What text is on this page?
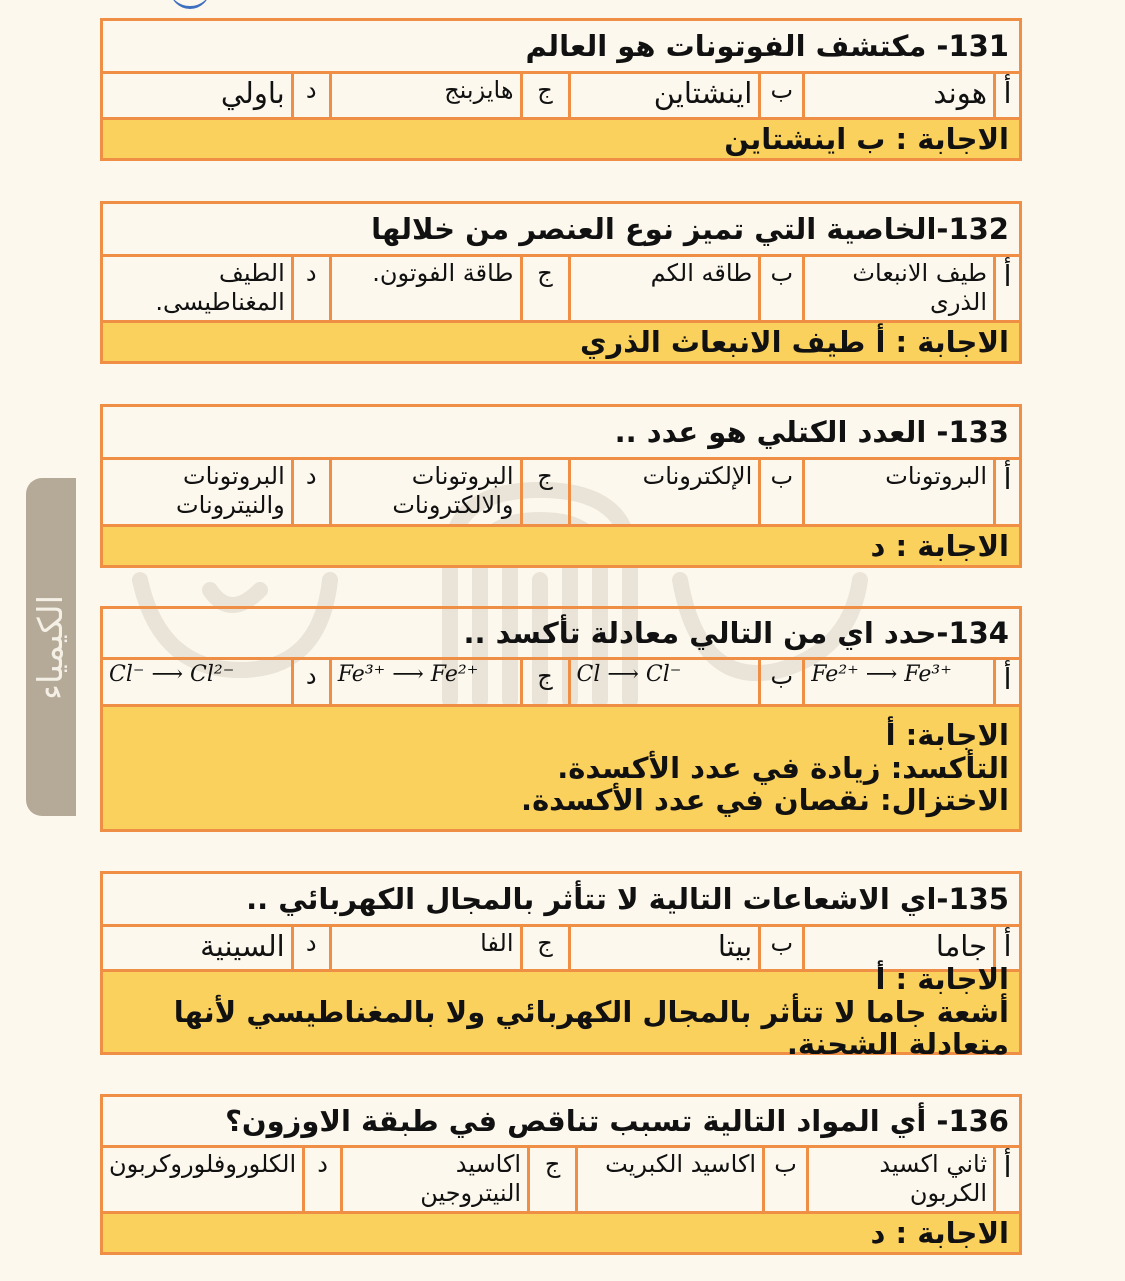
الكيمياء
131- مكتشف الفوتونات هو العالم
أ
هوند
ب
اينشتاين
ج
هايزبنج
د
باولي
الاجابة : ب اينشتاين
132-الخاصية التي تميز نوع العنصر من خلالها
أ
طيف الانبعاث الذرى
ب
طاقه الكم
ج
طاقة الفوتون.
د
الطيف المغناطيسى.
الاجابة : أ طيف الانبعاث الذري
133- العدد الكتلي هو عدد ..
أ
البروتونات
ب
الإلكترونات
ج
البروتونات والالكترونات
د
البروتونات والنيترونات
الاجابة : د
134-حدد اي من التالي معادلة تأكسد ..
أ
Fe²⁺ ⟶ Fe³⁺
ب
Cl ⟶ Cl⁻
ج
Fe³⁺ ⟶ Fe²⁺
د
Cl⁻ ⟶ Cl²⁻
الاجابة: أ
التأكسد: زيادة في عدد الأكسدة.
الاختزال: نقصان في عدد الأكسدة.
135-اي الاشعاعات التالية لا تتأثر بالمجال الكهربائي ..
أ
جاما
ب
بيتا
ج
الفا
د
السينية
الاجابة : أ
أشعة جاما لا تتأثر بالمجال الكهربائي ولا بالمغناطيسي لأنها متعادلة الشحنة.
136- أي المواد التالية تسبب تناقص في طبقة الاوزون؟
أ
ثاني اكسيد الكربون
ب
اكاسيد الكبريت
ج
اكاسيد النيتروجين
د
الكلوروفلوروكربون
الاجابة : د
